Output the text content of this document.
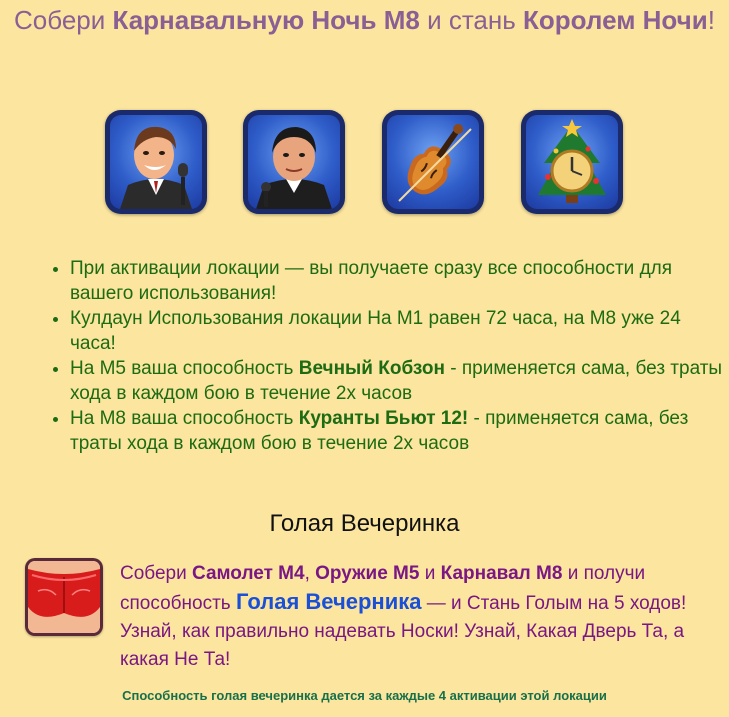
Собери Карнавальную Ночь М8 и стань Королем Ночи!
• При активации локации — вы получаете сразу все способности для вашего использования!
• Кулдаун Использования локации На М1 равен 72 часа, на М8 уже 24 часа!
• На М5 ваша способность Вечный Кобзон - применяется сама, без траты хода в каждом бою в течение 2х часов
• На М8 ваша способность Куранты Бьют 12! - применяется сама, без траты хода в каждом бою в течение 2х часов
Голая Вечеринка
Собери Самолет М4, Оружие М5 и Карнавал М8 и получи способность Голая Вечерника — и Стань Голым на 5 ходов! Узнай, как правильно надевать Носки! Узнай, Какая Дверь Та, а какая Не Та!
Способность голая вечеринка дается за каждые 4 активации этой локации
